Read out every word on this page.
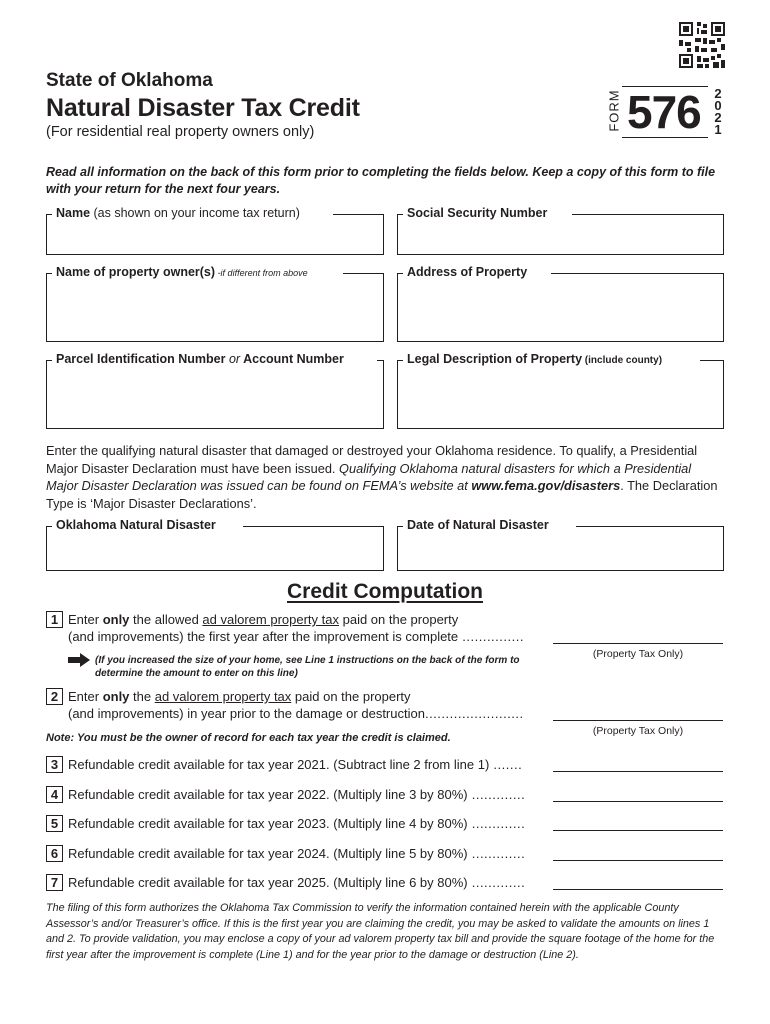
State of Oklahoma
Natural Disaster Tax Credit
(For residential real property owners only)
FORM 576 2
0
2
1
Read all information on the back of this form prior to completing the fields below. Keep a copy of this form to file with your return for the next four years.
Name (as shown on your income tax return)	Social Security Number
Name of property owner(s) -if different from above	Address of Property
Parcel Identification Number or Account Number	Legal Description of Property (include county)
Enter the qualifying natural disaster that damaged or destroyed your Oklahoma residence. To qualify, a Presidential Major Disaster Declaration must have been issued. Qualifying Oklahoma natural disasters for which a Presidential Major Disaster Declaration was issued can be found on FEMA’s website at www.fema.gov/disasters. The Declaration Type is ‘Major Disaster Declarations’.
Oklahoma Natural Disaster	Date of Natural Disaster
Credit Computation
1 Enter only the allowed ad valorem property tax paid on the property
(and improvements) the first year after the improvement is complete ...............
(Property Tax Only)
(If you increased the size of your home, see Line 1 instructions on the back of the form to determine the amount to enter on this line)
2 Enter only the ad valorem property tax paid on the property
(and improvements) in year prior to the damage or destruction........................
(Property Tax Only)
Note: You must be the owner of record for each tax year the credit is claimed.
3 Refundable credit available for tax year 2021. (Subtract line 2 from line 1) .......
4 Refundable credit available for tax year 2022. (Multiply line 3 by 80%) .............
5 Refundable credit available for tax year 2023. (Multiply line 4 by 80%) .............
6 Refundable credit available for tax year 2024. (Multiply line 5 by 80%) .............
7 Refundable credit available for tax year 2025. (Multiply line 6 by 80%) .............
The filing of this form authorizes the Oklahoma Tax Commission to verify the information contained herein with the applicable County Assessor’s and/or Treasurer’s office. If this is the first year you are claiming the credit, you may be asked to validate the amounts on lines 1 and 2. To provide validation, you may enclose a copy of your ad valorem property tax bill and provide the square footage of the home for the first year after the improvement is complete (Line 1) and for the year prior to the damage or destruction (Line 2).
